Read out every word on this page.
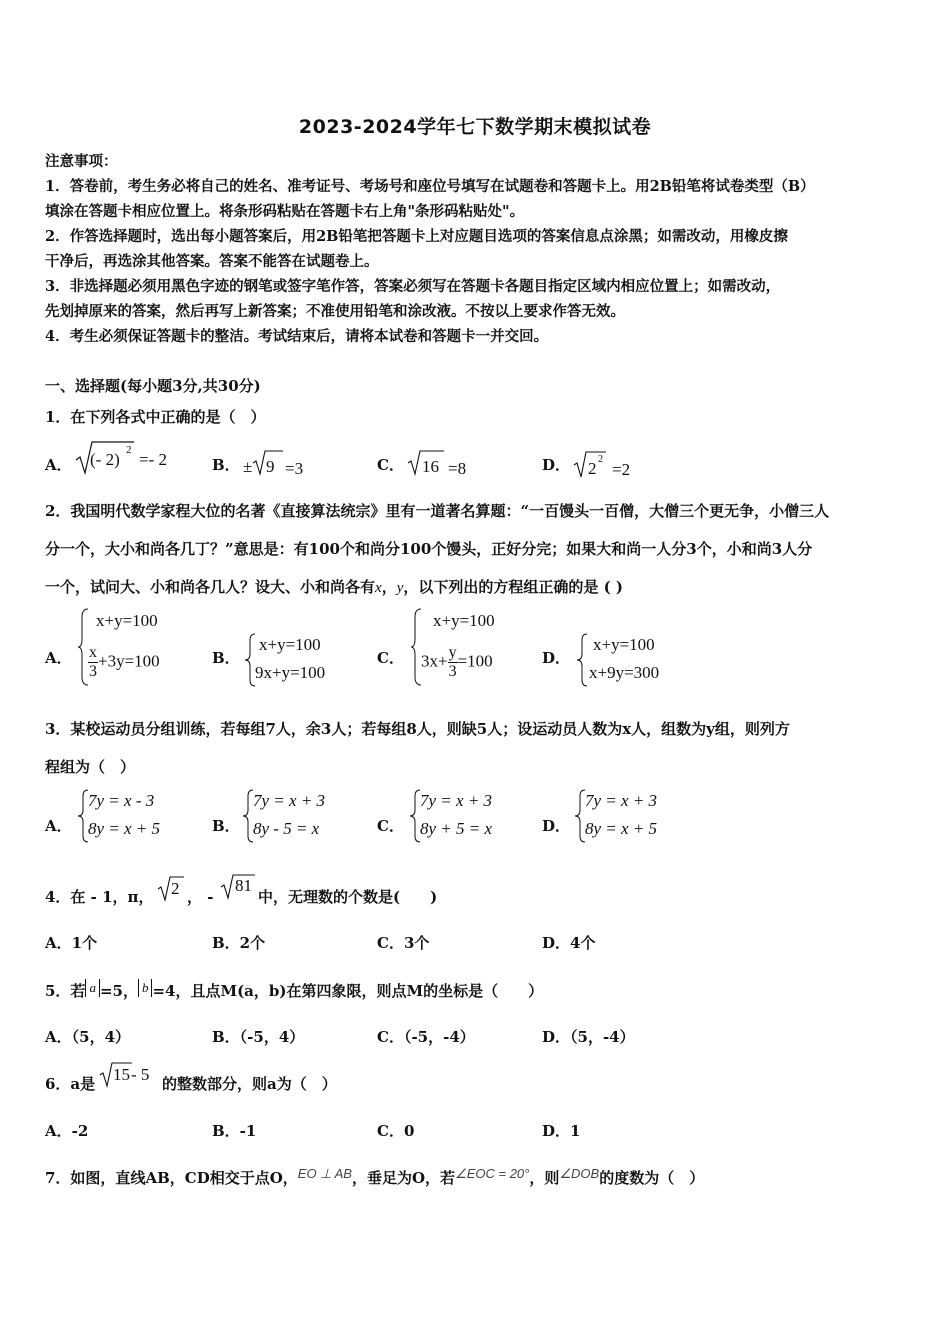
2023-2024学年七下数学期末模拟试卷
注意事项：
1．答卷前，考生务必将自己的姓名、准考证号、考场号和座位号填写在试题卷和答题卡上。用2B铅笔将试卷类型（B）
填涂在答题卡相应位置上。将条形码粘贴在答题卡右上角"条形码粘贴处"。
2．作答选择题时，选出每小题答案后，用2B铅笔把答题卡上对应题目选项的答案信息点涂黑；如需改动，用橡皮擦
干净后，再选涂其他答案。答案不能答在试题卷上。
3．非选择题必须用黑色字迹的钢笔或签字笔作答，答案必须写在答题卡各题目指定区域内相应位置上；如需改动，
先划掉原来的答案，然后再写上新答案；不准使用铅笔和涂改液。不按以上要求作答无效。
4．考生必须保证答题卡的整洁。考试结束后，请将本试卷和答题卡一并交回。
一、选择题(每小题3分,共30分)
1．在下列各式中正确的是（　）
A． (- 2) 2 =- 2	B． ± 9 =3	C． 16 =8	D． 2 2
=2
2．我国明代数学家程大位的名著《直接算法统宗》里有一道著名算题：“一百馒头一百僧，大僧三个更无争，小僧三人
分一个，大小和尚各几丁？”意思是：有100个和尚分100个馒头，正好分完；如果大和尚一人分3个，小和尚3人分
一个，试问大、小和尚各几人？设大、小和尚各有x，y，以下列出的方程组正确的是 ( )
A．
x+y=100
$\frac{x}{3} +3y=100$	B．
x+y=100
9x+y=100
C．
x+y=100
$3x+ \frac{y}{3} =100$	D．
x+y=100
x+9y=300
3．某校运动员分组训练，若每组7人，余3人；若每组8人，则缺5人；设运动员人数为x人，组数为y组，则列方
程组为（　）
A．
7y = x - 3
8y = x + 5	B．
7y = x + 3
8y - 5 = x	C．
7y = x + 3
8y + 5 = x	D．
7y = x + 3
8y = x + 5
4．在 - 1，π， 2 ， -
81
中，无理数的个数是(　　)
A．1个	B．2个	C．3个	D．4个
5．若 a =5， b =4，且点M(a，b)在第四象限，则点M的坐标是（　　）
A．（5，4）	B．（-5，4）	C．（-5，-4）	D．（5，-4）
6．a是 15 - 5 的整数部分，则a为（　）
A．-2	B．-1	C．0	D．1
7．如图，直线AB，CD相交于点O，EO ⊥ AB，垂足为O，若∠EOC = 20°，则∠DOB的度数为（　）
